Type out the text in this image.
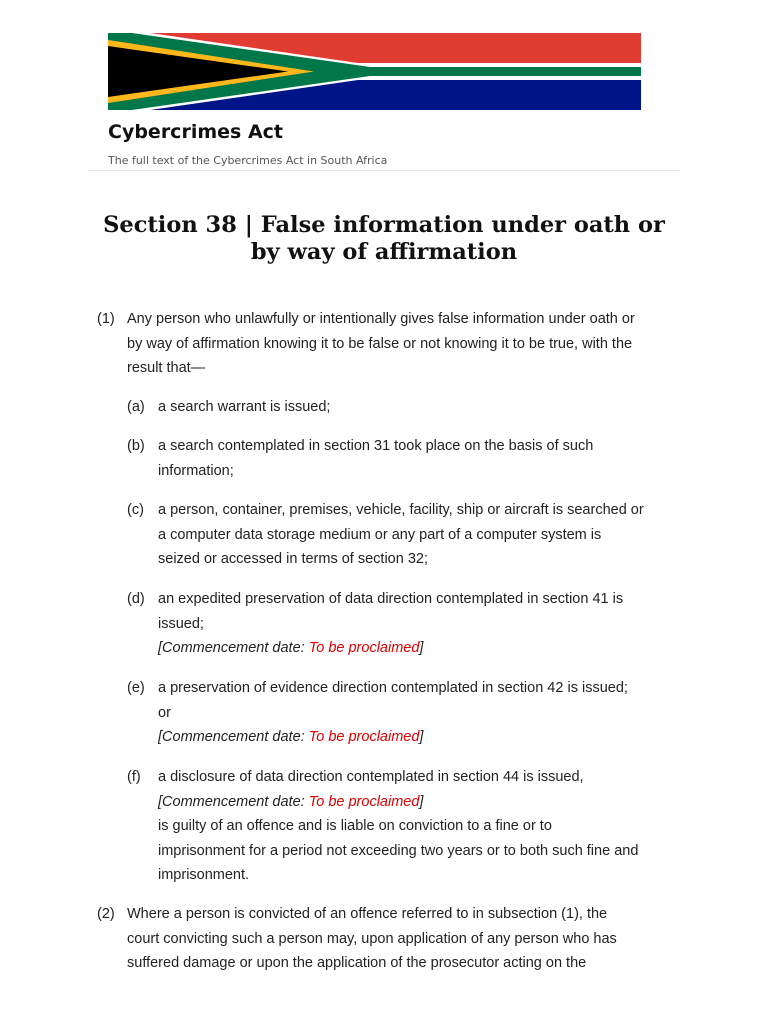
Cybercrimes Act

The full text of the Cybercrimes Act in South Africa

Section 38 | False information under oath or
by way of affirmation
(1) Any person who unlawfully or intentionally gives false information under oath or
by way of affirmation knowing it to be false or not knowing it to be true, with the
result that—
(a) a search warrant is issued;
(b) a search contemplated in section 31 took place on the basis of such
information;
(c) a person, container, premises, vehicle, facility, ship or aircraft is searched or
a computer data storage medium or any part of a computer system is
seized or accessed in terms of section 32;
(d) an expedited preservation of data direction contemplated in section 41 is
issued;
[Commencement date: To be proclaimed]
(e) a preservation of evidence direction contemplated in section 42 is issued;
or
[Commencement date: To be proclaimed]
(f) a disclosure of data direction contemplated in section 44 is issued,
[Commencement date: To be proclaimed]
is guilty of an offence and is liable on conviction to a fine or to
imprisonment for a period not exceeding two years or to both such fine and
imprisonment.
(2) Where a person is convicted of an offence referred to in subsection (1), the
court convicting such a person may, upon application of any person who has
suffered damage or upon the application of the prosecutor acting on the
